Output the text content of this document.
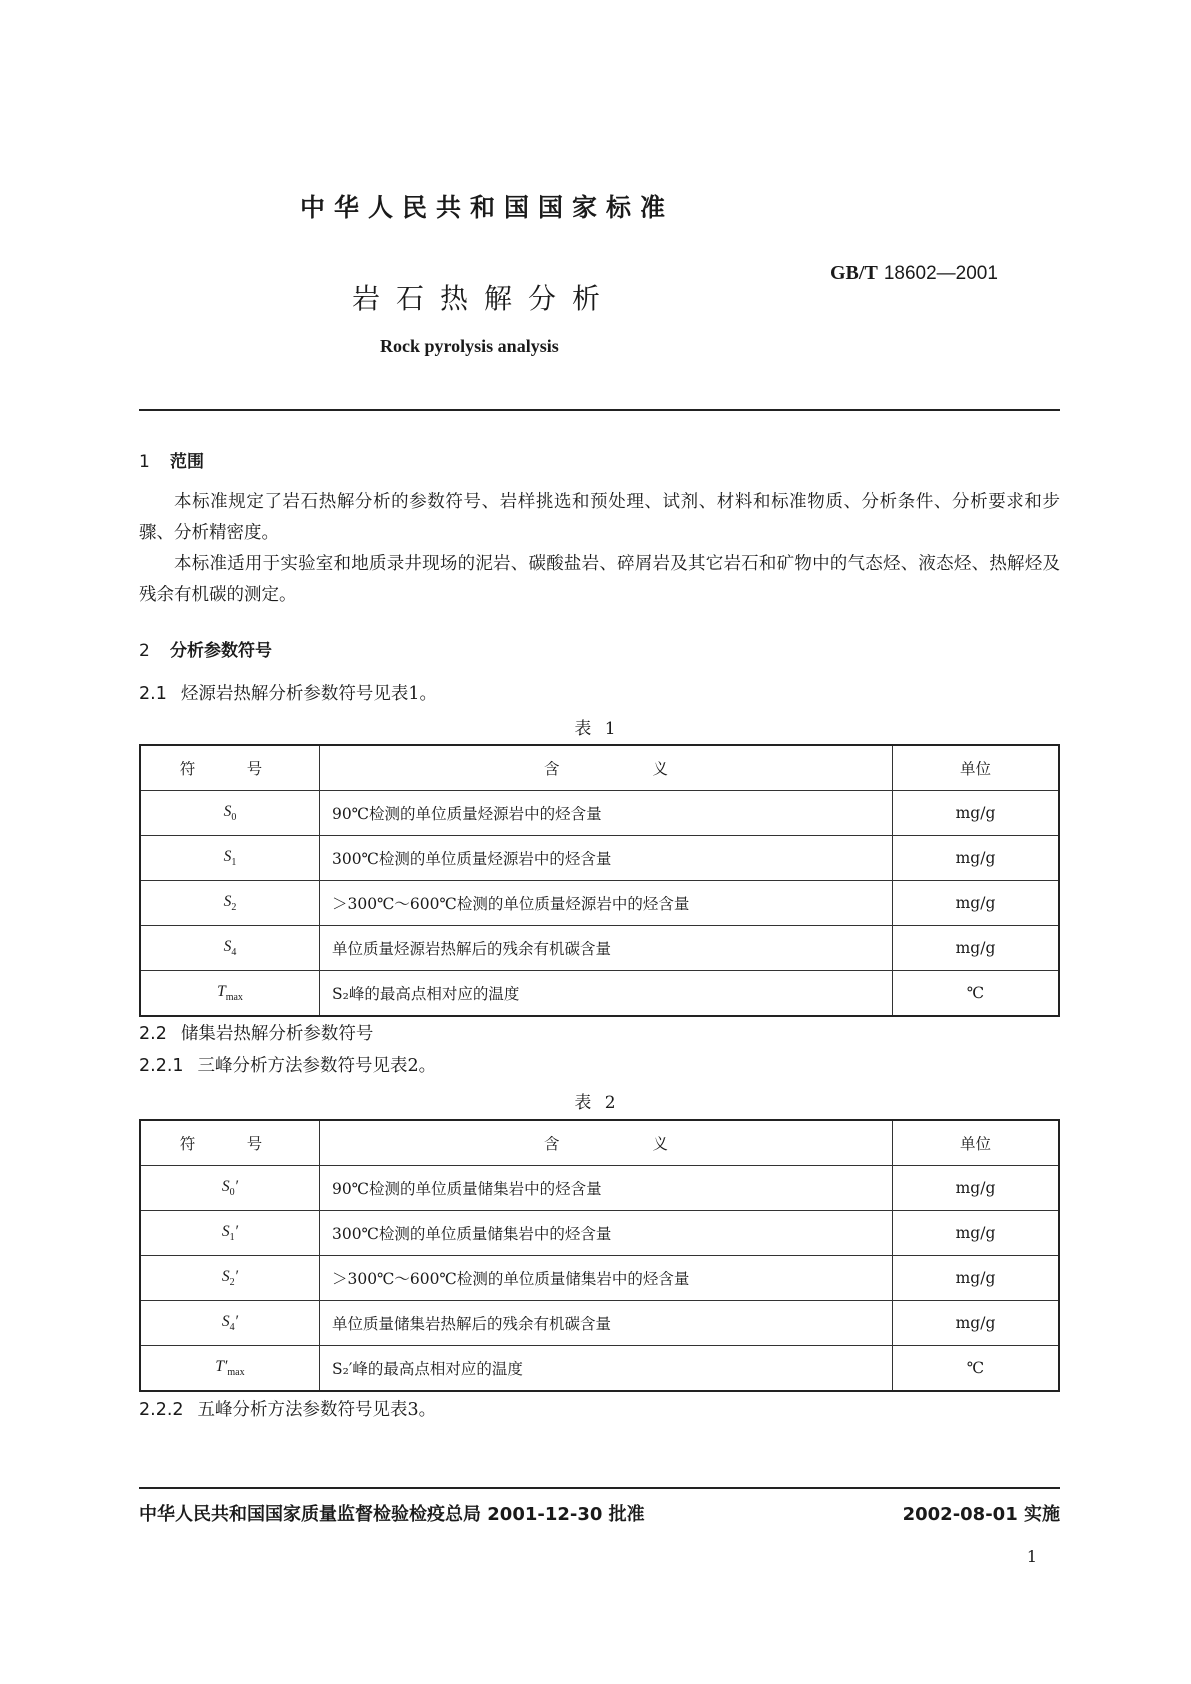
中华人民共和国国家标准
GB/T 18602—2001
岩石热解分析
Rock pyrolysis analysis
1 范围
本标准规定了岩石热解分析的参数符号、岩样挑选和预处理、试剂、材料和标准物质、分析条件、分析要求和步骤、分析精密度。
本标准适用于实验室和地质录井现场的泥岩、碳酸盐岩、碎屑岩及其它岩石和矿物中的气态烃、液态烃、热解烃及残余有机碳的测定。
2 分析参数符号
2.1 烃源岩热解分析参数符号见表1。
表 1
符　号	含　　　　　　义	单位
$S_0$	90℃检测的单位质量烃源岩中的烃含量	mg/g
$S_1$	300℃检测的单位质量烃源岩中的烃含量	mg/g
$S_2$	＞300℃～600℃检测的单位质量烃源岩中的烃含量	mg/g
$S_4$	单位质量烃源岩热解后的残余有机碳含量	mg/g
$T_{max}$	S₂峰的最高点相对应的温度	℃
2.2 储集岩热解分析参数符号
2.2.1 三峰分析方法参数符号见表2。
表 2
符　号	含　　　　　　义	单位
$S_0'$	90℃检测的单位质量储集岩中的烃含量	mg/g
$S_1'$	300℃检测的单位质量储集岩中的烃含量	mg/g
$S_2'$	＞300℃～600℃检测的单位质量储集岩中的烃含量	mg/g
$S_4'$	单位质量储集岩热解后的残余有机碳含量	mg/g
$T'_{max}$	S₂′峰的最高点相对应的温度	℃
2.2.2 五峰分析方法参数符号见表3。
中华人民共和国国家质量监督检验检疫总局 2001-12-30 批准	2002-08-01 实施
1
